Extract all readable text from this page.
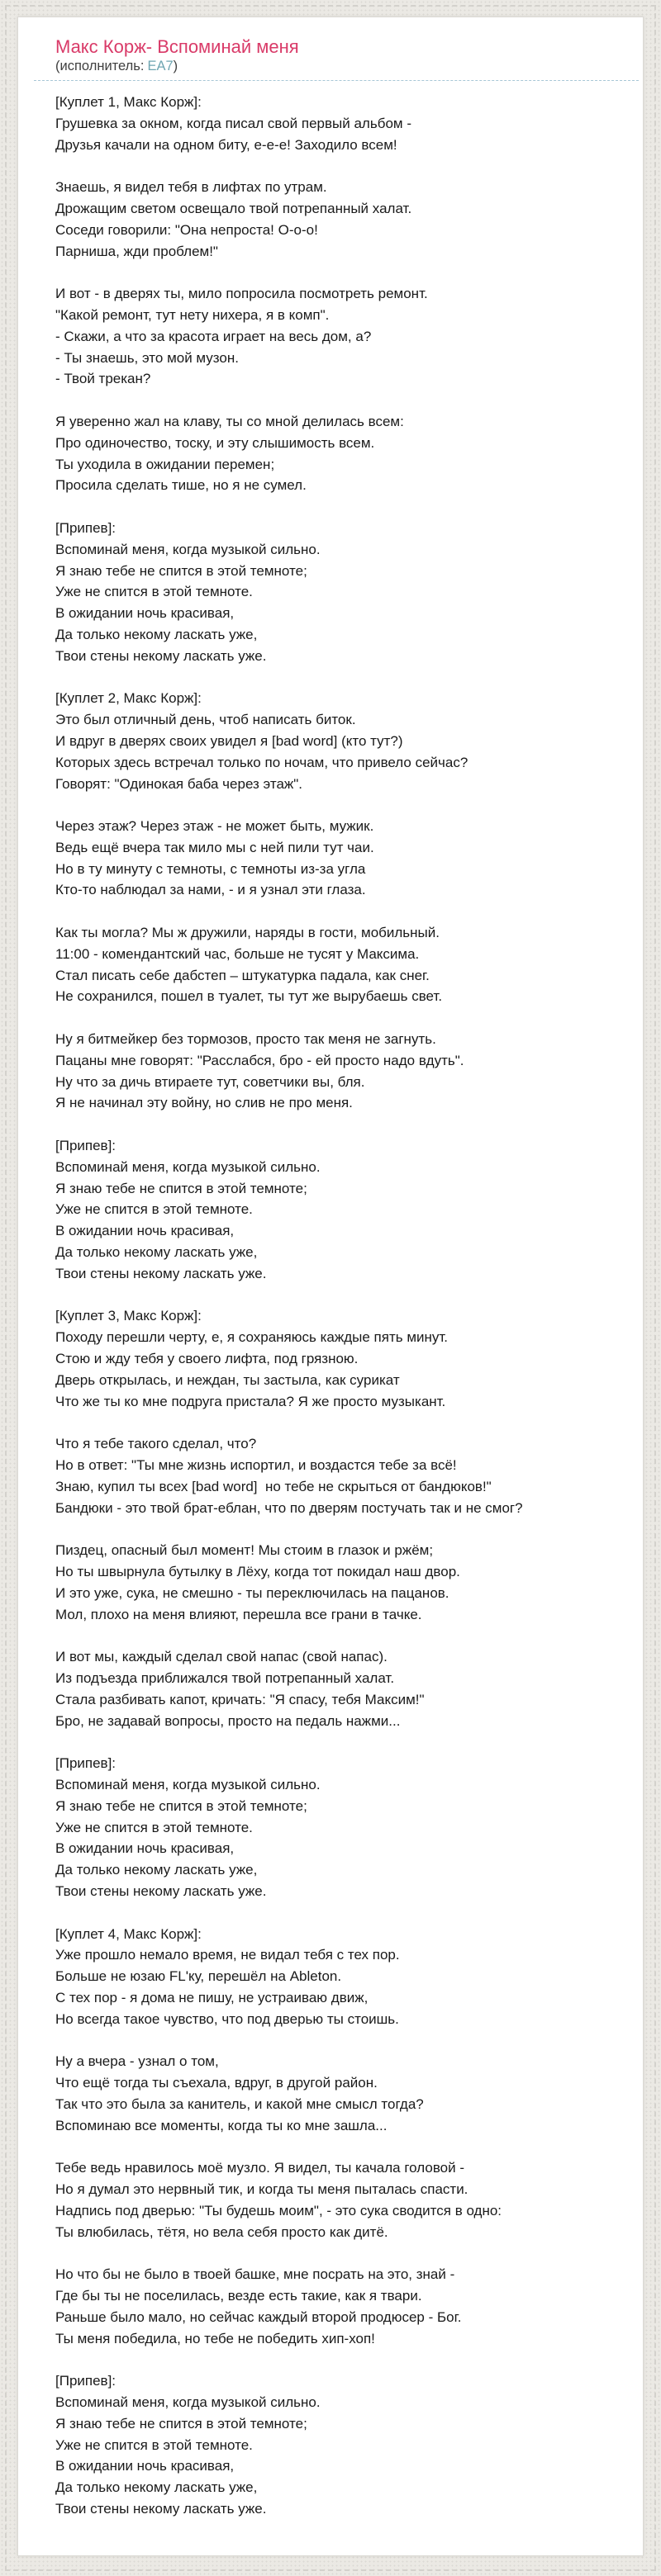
Макс Корж- Вспоминай меня
(исполнитель: ЕА7)

[Куплет 1, Макс Корж]:
Грушевка за окном, когда писал свой первый альбом -
Друзья качали на одном биту, е-е-е! Заходило всем!

Знаешь, я видел тебя в лифтах по утрам.
Дрожащим светом освещало твой потрепанный халат.
Соседи говорили: "Она непроста! О-о-о!
Парниша, жди проблем!"

И вот - в дверях ты, мило попросила посмотреть ремонт.
"Какой ремонт, тут нету нихера, я в комп".
- Скажи, а что за красота играет на весь дом, а?
- Ты знаешь, это мой музон.
- Твой трекан?

Я уверенно жал на клаву, ты со мной делилась всем:
Про одиночество, тоску, и эту слышимость всем.
Ты уходила в ожидании перемен;
Просила сделать тише, но я не сумел.

[Припев]:
Вспоминай меня, когда музыкой сильно.
Я знаю тебе не спится в этой темноте;
Уже не спится в этой темноте.
В ожидании ночь красивая,
Да только некому ласкать уже,
Твои стены некому ласкать уже.

[Куплет 2, Макс Корж]:
Это был отличный день, чтоб написать биток.
И вдруг в дверях своих увидел я [bad word] (кто тут?)
Которых здесь встречал только по ночам, что привело сейчас?
Говорят: "Одинокая баба через этаж".

Через этаж? Через этаж - не может быть, мужик.
Ведь ещё вчера так мило мы с ней пили тут чаи.
Но в ту минуту с темноты, с темноты из-за угла
Кто-то наблюдал за нами, - и я узнал эти глаза.

Как ты могла? Мы ж дружили, наряды в гости, мобильный.
11:00 - комендантский час, больше не тусят у Максима.
Стал писать себе дабстеп – штукатурка падала, как снег.
Не сохранился, пошел в туалет, ты тут же вырубаешь свет.

Ну я битмейкер без тормозов, просто так меня не загнуть.
Пацаны мне говорят: "Расслабся, бро - ей просто надо вдуть".
Ну что за дичь втираете тут, советчики вы, бля.
Я не начинал эту войну, но слив не про меня.

[Припев]:
Вспоминай меня, когда музыкой сильно.
Я знаю тебе не спится в этой темноте;
Уже не спится в этой темноте.
В ожидании ночь красивая,
Да только некому ласкать уже,
Твои стены некому ласкать уже.

[Куплет 3, Макс Корж]:
Походу перешли черту, е, я сохраняюсь каждые пять минут.
Стою и жду тебя у своего лифта, под грязною.
Дверь открылась, и неждан, ты застыла, как сурикат
Что же ты ко мне подруга пристала? Я же просто музыкант.

Что я тебе такого сделал, что?
Но в ответ: "Ты мне жизнь испортил, и воздастся тебе за всё!
Знаю, купил ты всех [bad word]  но тебе не скрыться от бандюков!"
Бандюки - это твой брат-еблан, что по дверям постучать так и не смог?

Пиздец, опасный был момент! Мы стоим в глазок и ржём;
Но ты швырнула бутылку в Лёху, когда тот покидал наш двор.
И это уже, сука, не смешно - ты переключилась на пацанов.
Мол, плохо на меня влияют, перешла все грани в тачке.

И вот мы, каждый сделал свой напас (свой напас).
Из подъезда приближался твой потрепанный халат.
Стала разбивать капот, кричать: "Я спасу, тебя Максим!"
Бро, не задавай вопросы, просто на педаль нажми...

[Припев]:
Вспоминай меня, когда музыкой сильно.
Я знаю тебе не спится в этой темноте;
Уже не спится в этой темноте.
В ожидании ночь красивая,
Да только некому ласкать уже,
Твои стены некому ласкать уже.

[Куплет 4, Макс Корж]:
Уже прошло немало время, не видал тебя с тех пор.
Больше не юзаю FL'ку, перешёл на Ableton.
С тех пор - я дома не пишу, не устраиваю движ,
Но всегда такое чувство, что под дверью ты стоишь.

Ну а вчера - узнал о том,
Что ещё тогда ты съехала, вдруг, в другой район.
Так что это была за канитель, и какой мне смысл тогда?
Вспоминаю все моменты, когда ты ко мне зашла...

Тебе ведь нравилось моё музло. Я видел, ты качала головой -
Но я думал это нервный тик, и когда ты меня пыталась спасти.
Надпись под дверью: "Ты будешь моим", - это сука сводится в одно:
Ты влюбилась, тётя, но вела себя просто как дитё.

Но что бы не было в твоей башке, мне посрать на это, знай -
Где бы ты не поселилась, везде есть такие, как я твари.
Раньше было мало, но сейчас каждый второй продюсер - Бог.
Ты меня победила, но тебе не победить хип-хоп!

[Припев]:
Вспоминай меня, когда музыкой сильно.
Я знаю тебе не спится в этой темноте;
Уже не спится в этой темноте.
В ожидании ночь красивая,
Да только некому ласкать уже,
Твои стены некому ласкать уже.
